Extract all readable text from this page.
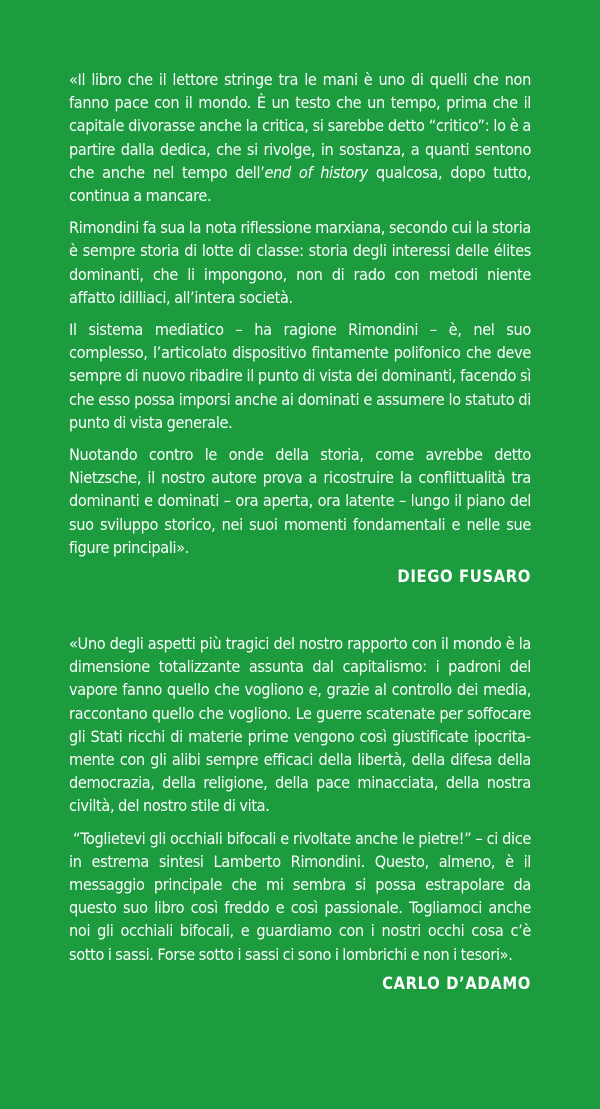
«Il libro che il lettore stringe tra le mani è uno di quelli che non fanno pace con il mondo. È un testo che un tempo, prima che il capitale divorasse anche la critica, si sarebbe detto “critico”: lo è a partire dalla dedica, che si rivolge, in sostanza, a quanti sentono che anche nel tempo dell’end of history qualcosa, dopo tutto, continua a mancare.

Rimondini fa sua la nota riflessione marxiana, secondo cui la storia è sempre storia di lotte di classe: storia degli interessi delle élites dominanti, che li impongono, non di rado con metodi niente affatto idilliaci, all’intera società.

Il sistema mediatico – ha ragione Rimondini – è, nel suo complesso, l’articolato dispositivo fintamente polifonico che deve sempre di nuovo ribadire il punto di vista dei dominanti, facendo sì che esso possa imporsi anche ai dominati e assumere lo statuto di punto di vista generale.

Nuotando contro le onde della storia, come avrebbe detto Nietzsche, il nostro autore prova a ricostruire la conflittualità tra dominanti e dominati – ora aperta, ora latente – lungo il piano del suo sviluppo storico, nei suoi momenti fondamentali e nelle sue figure principali».

DIEGO FUSARO

«Uno degli aspetti più tragici del nostro rapporto con il mondo è la dimensione totalizzante assunta dal capitalismo: i padroni del vapore fanno quello che vogliono e, grazie al controllo dei media, raccontano quello che vogliono. Le guerre scatenate per soffocare gli Stati ricchi di materie prime vengono così giustificate ipocritamente con gli alibi sempre efficaci della libertà, della difesa della democrazia, della religione, della pace minacciata, della nostra civiltà, del nostro stile di vita.

“Toglietevi gli occhiali bifocali e rivoltate anche le pietre!” – ci dice in estrema sintesi Lamberto Rimondini. Questo, almeno, è il messaggio principale che mi sembra si possa estrapolare da questo suo libro così freddo e così passionale. Togliamoci anche noi gli occhiali bifocali, e guardiamo con i nostri occhi cosa c’è sotto i sassi. Forse sotto i sassi ci sono i lombrichi e non i tesori».

CARLO D’ADAMO
